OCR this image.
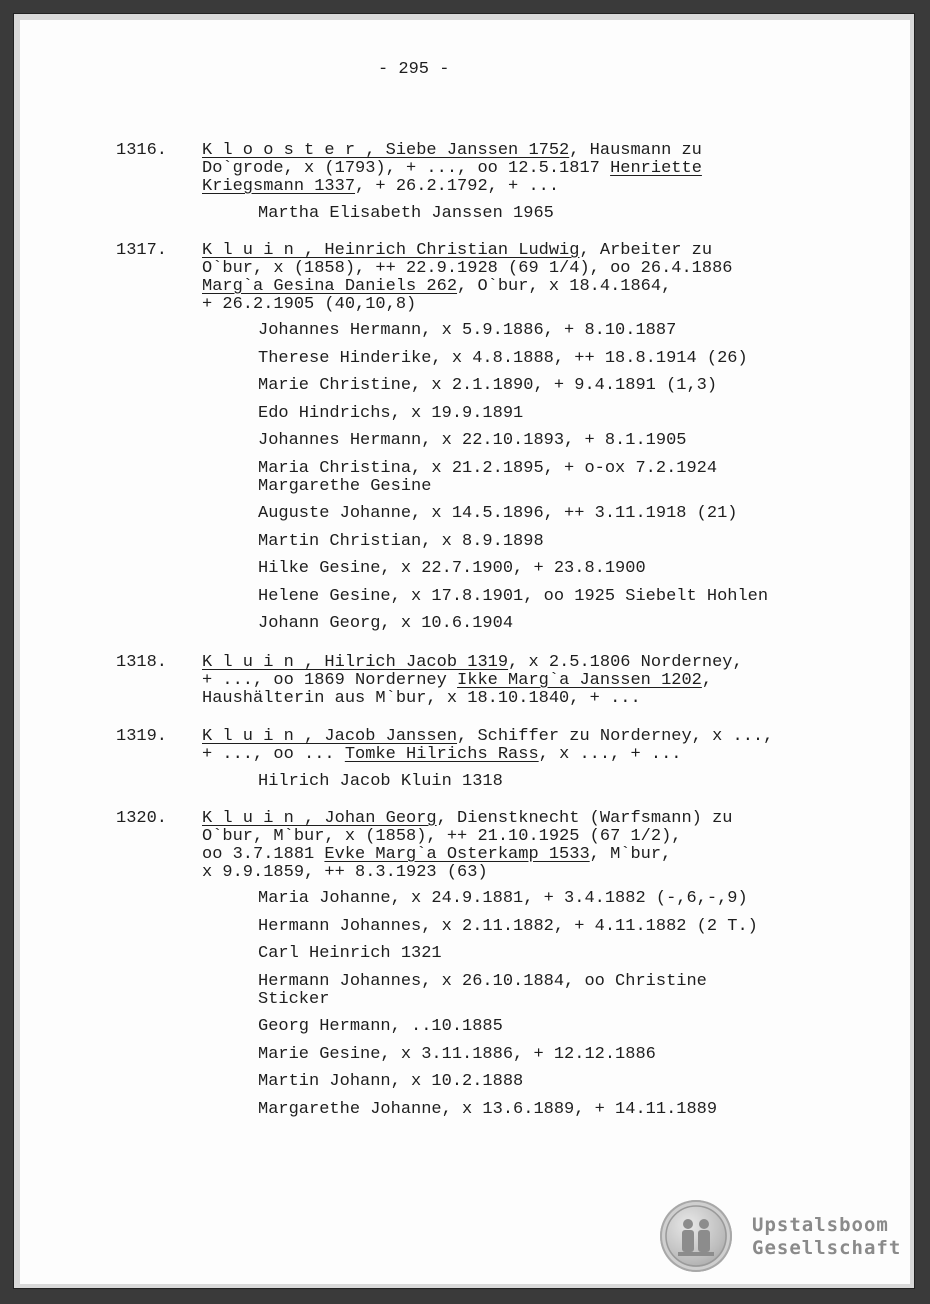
- 295 -
1316. K l o o s t e r , Siebe Janssen 1752, Hausmann zu
Do`grode, x (1793), + ..., oo 12.5.1817 Henriette
Kriegsmann 1337, + 26.2.1792, + ...
Martha Elisabeth Janssen 1965
1317. K l u i n , Heinrich Christian Ludwig, Arbeiter zu
O`bur, x (1858), ++ 22.9.1928 (69 1/4), oo 26.4.1886
Marg`a Gesina Daniels 262, O`bur, x 18.4.1864,
+ 26.2.1905 (40,10,8)
Johannes Hermann, x 5.9.1886, + 8.10.1887
Therese Hinderike, x 4.8.1888, ++ 18.8.1914 (26)
Marie Christine, x 2.1.1890, + 9.4.1891 (1,3)
Edo Hindrichs, x 19.9.1891
Johannes Hermann, x 22.10.1893, + 8.1.1905
Maria Christina, x 21.2.1895, + o-ox 7.2.1924
Margarethe Gesine
Auguste Johanne, x 14.5.1896, ++ 3.11.1918 (21)
Martin Christian, x 8.9.1898
Hilke Gesine, x 22.7.1900, + 23.8.1900
Helene Gesine, x 17.8.1901, oo 1925 Siebelt Hohlen
Johann Georg, x 10.6.1904
1318. K l u i n , Hilrich Jacob 1319, x 2.5.1806 Norderney,
+ ..., oo 1869 Norderney Ikke Marg`a Janssen 1202,
Haushälterin aus M`bur, x 18.10.1840, + ...
1319. K l u i n , Jacob Janssen, Schiffer zu Norderney, x ...,
+ ..., oo ... Tomke Hilrichs Rass, x ..., + ...
Hilrich Jacob Kluin 1318
1320. K l u i n , Johan Georg, Dienstknecht (Warfsmann) zu
O`bur, M`bur, x (1858), ++ 21.10.1925 (67 1/2),
oo 3.7.1881 Evke Marg`a Osterkamp 1533, M`bur,
x 9.9.1859, ++ 8.3.1923 (63)
Maria Johanne, x 24.9.1881, + 3.4.1882 (-,6,-,9)
Hermann Johannes, x 2.11.1882, + 4.11.1882 (2 T.)
Carl Heinrich 1321
Hermann Johannes, x 26.10.1884, oo Christine
Sticker
Georg Hermann, ..10.1885
Marie Gesine, x 3.11.1886, + 12.12.1886
Martin Johann, x 10.2.1888
Margarethe Johanne, x 13.6.1889, + 14.11.1889
Upstalsboom
Gesellschaft
